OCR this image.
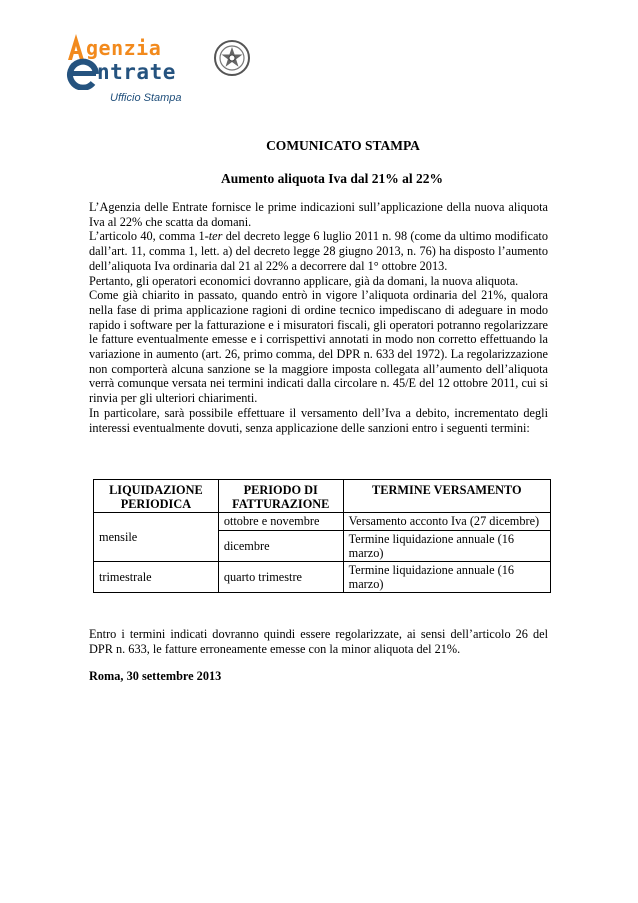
genzia
ntrate
Ufficio Stampa
COMUNICATO STAMPA
Aumento aliquota Iva dal 21% al 22%

L’Agenzia delle Entrate fornisce le prime indicazioni sull’applicazione della nuova aliquota Iva al 22% che scatta da domani.

L’articolo 40, comma 1-ter del decreto legge 6 luglio 2011 n. 98 (come da ultimo modificato dall’art. 11, comma 1, lett. a) del decreto legge 28 giugno 2013, n. 76) ha disposto l’aumento dell’aliquota Iva ordinaria dal 21 al 22% a decorrere dal 1° ottobre 2013.

Pertanto, gli operatori economici dovranno applicare, già da domani, la nuova aliquota.

Come già chiarito in passato, quando entrò in vigore l’aliquota ordinaria del 21%, qualora nella fase di prima applicazione ragioni di ordine tecnico impediscano di adeguare in modo rapido i software per la fatturazione e i misuratori fiscali, gli operatori potranno regolarizzare le fatture eventualmente emesse e i corrispettivi annotati in modo non corretto effettuando la variazione in aumento (art. 26, primo comma, del DPR n. 633 del 1972). La regolarizzazione non comporterà alcuna sanzione se la maggiore imposta collegata all’aumento dell’aliquota verrà comunque versata nei termini indicati dalla circolare n. 45/E del 12 ottobre 2011, cui si rinvia per gli ulteriori chiarimenti.

In particolare, sarà possibile effettuare il versamento dell’Iva a debito, incrementato degli interessi eventualmente dovuti, senza applicazione delle sanzioni entro i seguenti termini:

LIQUIDAZIONE PERIODICA	PERIODO DI FATTURAZIONE	TERMINE VERSAMENTO
mensile	ottobre e novembre	Versamento acconto Iva (27 dicembre)
	dicembre	Termine liquidazione annuale (16 marzo)
trimestrale	quarto trimestre	Termine liquidazione annuale (16 marzo)

Entro i termini indicati dovranno quindi essere regolarizzate, ai sensi dell’articolo 26 del DPR n. 633, le fatture erroneamente emesse con la minor aliquota del 21%.

Roma, 30 settembre 2013
